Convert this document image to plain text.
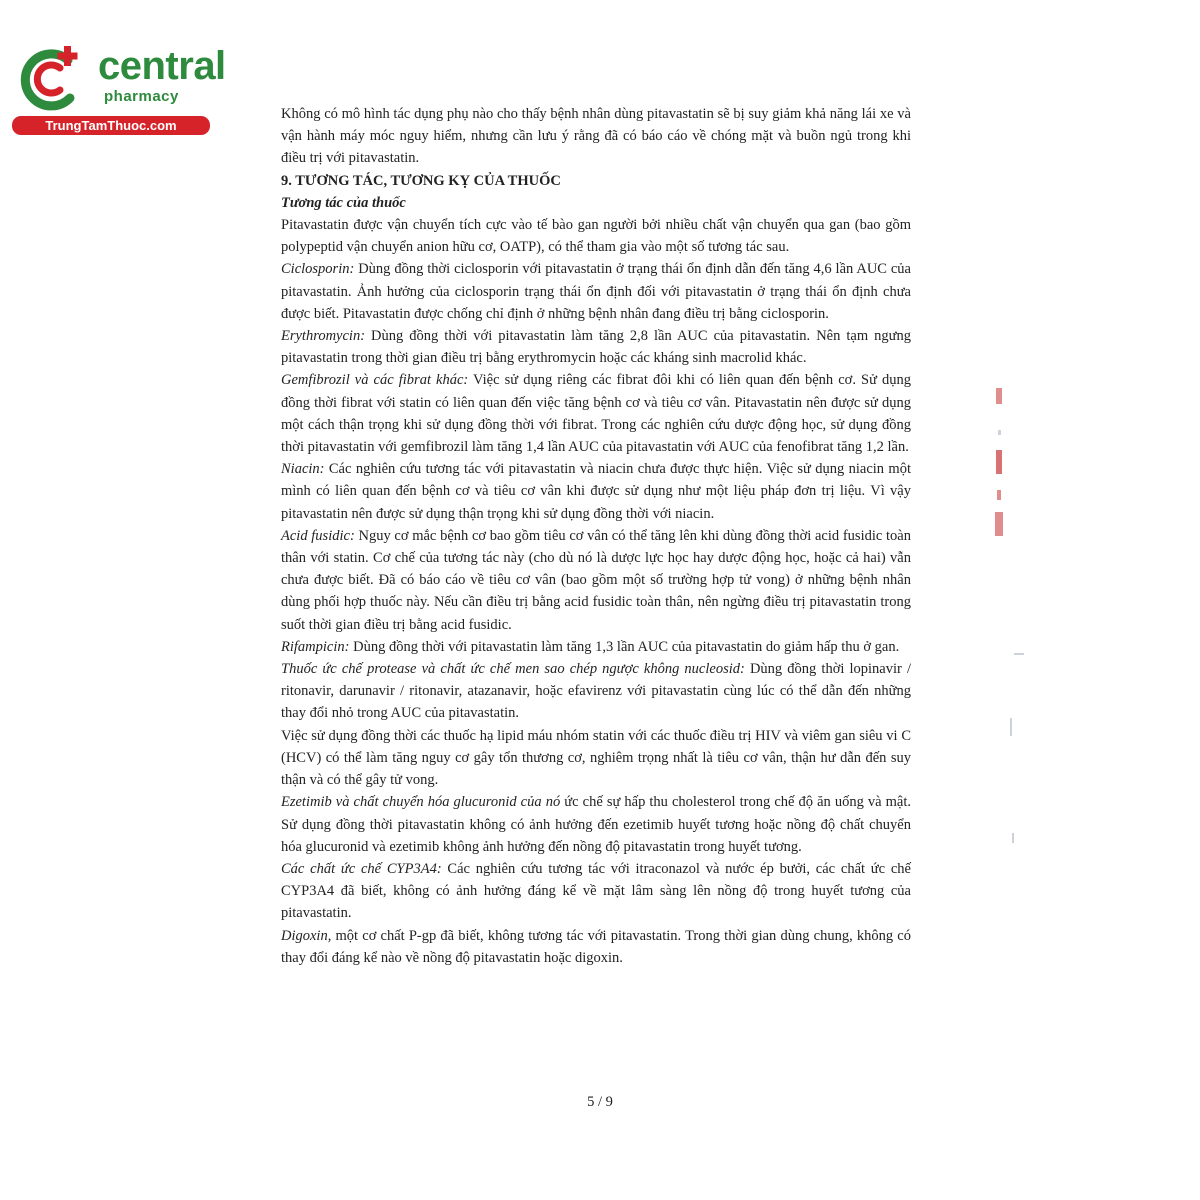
central
pharmacy
TrungTamThuoc.com

Không có mô hình tác dụng phụ nào cho thấy bệnh nhân dùng pitavastatin sẽ bị suy giảm khả năng lái xe và vận hành máy móc nguy hiểm, nhưng cần lưu ý rằng đã có báo cáo về chóng mặt và buồn ngủ trong khi điều trị với pitavastatin.

9. TƯƠNG TÁC, TƯƠNG KỴ CỦA THUỐC
Tương tác của thuốc

Pitavastatin được vận chuyển tích cực vào tế bào gan người bởi nhiều chất vận chuyển qua gan (bao gồm polypeptid vận chuyển anion hữu cơ, OATP), có thể tham gia vào một số tương tác sau.

Ciclosporin: Dùng đồng thời ciclosporin với pitavastatin ở trạng thái ổn định dẫn đến tăng 4,6 lần AUC của pitavastatin. Ảnh hưởng của ciclosporin trạng thái ổn định đối với pitavastatin ở trạng thái ổn định chưa được biết. Pitavastatin được chống chỉ định ở những bệnh nhân đang điều trị bằng ciclosporin.

Erythromycin: Dùng đồng thời với pitavastatin làm tăng 2,8 lần AUC của pitavastatin. Nên tạm ngưng pitavastatin trong thời gian điều trị bằng erythromycin hoặc các kháng sinh macrolid khác.

Gemfibrozil và các fibrat khác: Việc sử dụng riêng các fibrat đôi khi có liên quan đến bệnh cơ. Sử dụng đồng thời fibrat với statin có liên quan đến việc tăng bệnh cơ và tiêu cơ vân. Pitavastatin nên được sử dụng một cách thận trọng khi sử dụng đồng thời với fibrat. Trong các nghiên cứu dược động học, sử dụng đồng thời pitavastatin với gemfibrozil làm tăng 1,4 lần AUC của pitavastatin với AUC của fenofibrat tăng 1,2 lần.

Niacin: Các nghiên cứu tương tác với pitavastatin và niacin chưa được thực hiện. Việc sử dụng niacin một mình có liên quan đến bệnh cơ và tiêu cơ vân khi được sử dụng như một liệu pháp đơn trị liệu. Vì vậy pitavastatin nên được sử dụng thận trọng khi sử dụng đồng thời với niacin.

Acid fusidic: Nguy cơ mắc bệnh cơ bao gồm tiêu cơ vân có thể tăng lên khi dùng đồng thời acid fusidic toàn thân với statin. Cơ chế của tương tác này (cho dù nó là dược lực học hay dược động học, hoặc cả hai) vẫn chưa được biết. Đã có báo cáo về tiêu cơ vân (bao gồm một số trường hợp tử vong) ở những bệnh nhân dùng phối hợp thuốc này. Nếu cần điều trị bằng acid fusidic toàn thân, nên ngừng điều trị pitavastatin trong suốt thời gian điều trị bằng acid fusidic.

Rifampicin: Dùng đồng thời với pitavastatin làm tăng 1,3 lần AUC của pitavastatin do giảm hấp thu ở gan.

Thuốc ức chế protease và chất ức chế men sao chép ngược không nucleosid: Dùng đồng thời lopinavir / ritonavir, darunavir / ritonavir, atazanavir, hoặc efavirenz với pitavastatin cùng lúc có thể dẫn đến những thay đổi nhỏ trong AUC của pitavastatin.

Việc sử dụng đồng thời các thuốc hạ lipid máu nhóm statin với các thuốc điều trị HIV và viêm gan siêu vi C (HCV) có thể làm tăng nguy cơ gây tổn thương cơ, nghiêm trọng nhất là tiêu cơ vân, thận hư dẫn đến suy thận và có thể gây tử vong.

Ezetimib và chất chuyển hóa glucuronid của nó ức chế sự hấp thu cholesterol trong chế độ ăn uống và mật. Sử dụng đồng thời pitavastatin không có ảnh hưởng đến ezetimib huyết tương hoặc nồng độ chất chuyển hóa glucuronid và ezetimib không ảnh hưởng đến nồng độ pitavastatin trong huyết tương.

Các chất ức chế CYP3A4: Các nghiên cứu tương tác với itraconazol và nước ép bưởi, các chất ức chế CYP3A4 đã biết, không có ảnh hưởng đáng kể về mặt lâm sàng lên nồng độ trong huyết tương của pitavastatin.

Digoxin, một cơ chất P-gp đã biết, không tương tác với pitavastatin. Trong thời gian dùng chung, không có thay đổi đáng kể nào về nồng độ pitavastatin hoặc digoxin.

5 / 9
